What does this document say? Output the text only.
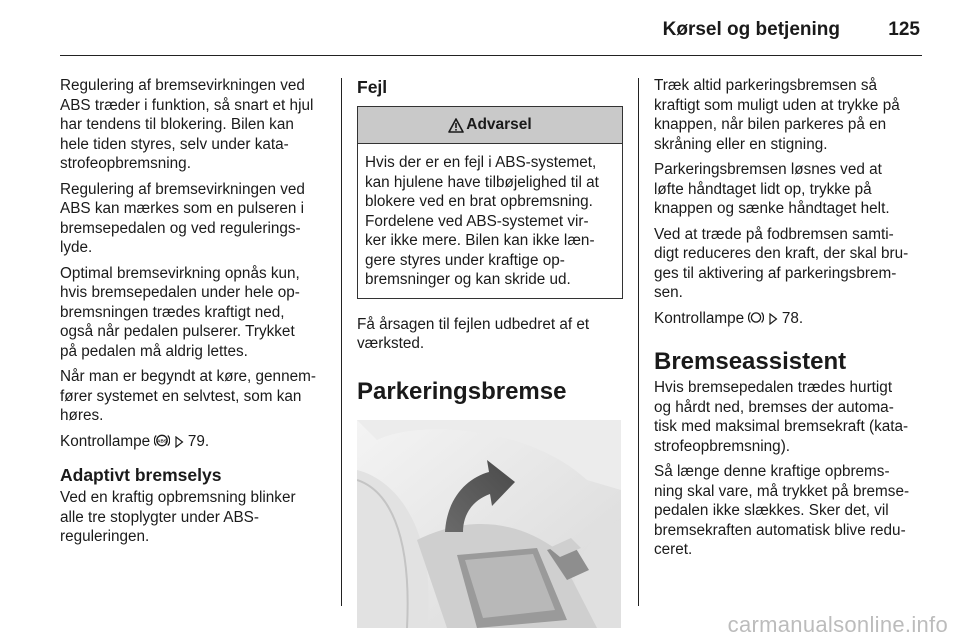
Kørsel og betjening	125

Regulering af bremsevirkningen ved
ABS træder i funktion, så snart et hjul
har tendens til blokering. Bilen kan
hele tiden styres, selv under kata-
strofeopbremsning.

Regulering af bremsevirkningen ved
ABS kan mærkes som en pulseren i
bremsepedalen og ved regulerings-
lyde.

Optimal bremsevirkning opnås kun,
hvis bremsepedalen under hele op-
bremsningen trædes kraftigt ned,
også når pedalen pulserer. Trykket
på pedalen må aldrig lettes.

Når man er begyndt at køre, gennem-
fører systemet en selvtest, som kan
høres.

Kontrollampe ABS 79.

Adaptivt bremselys

Ved en kraftig opbremsning blinker
alle tre stoplygter under ABS-
reguleringen.

Fejl
Advarsel
Hvis der er en fejl i ABS-systemet,
kan hjulene have tilbøjelighed til at
blokere ved en brat opbremsning.
Fordelene ved ABS-systemet vir-
ker ikke mere. Bilen kan ikke læn-
gere styres under kraftige op-
bremsninger og kan skride ud.

Få årsagen til fejlen udbedret af et
værksted.

Parkeringsbremse

Træk altid parkeringsbremsen så
kraftigt som muligt uden at trykke på
knappen, når bilen parkeres på en
skråning eller en stigning.

Parkeringsbremsen løsnes ved at
løfte håndtaget lidt op, trykke på
knappen og sænke håndtaget helt.

Ved at træde på fodbremsen samti-
digt reduceres den kraft, der skal bru-
ges til aktivering af parkeringsbrem-
sen.

Kontrollampe 78.

Bremseassistent

Hvis bremsepedalen trædes hurtigt
og hårdt ned, bremses der automa-
tisk med maksimal bremsekraft (kata-
strofeopbremsning).

Så længe denne kraftige opbrems-
ning skal vare, må trykket på bremse-
pedalen ikke slækkes. Sker det, vil
bremsekraften automatisk blive redu-
ceret.

carmanualsonline.info
